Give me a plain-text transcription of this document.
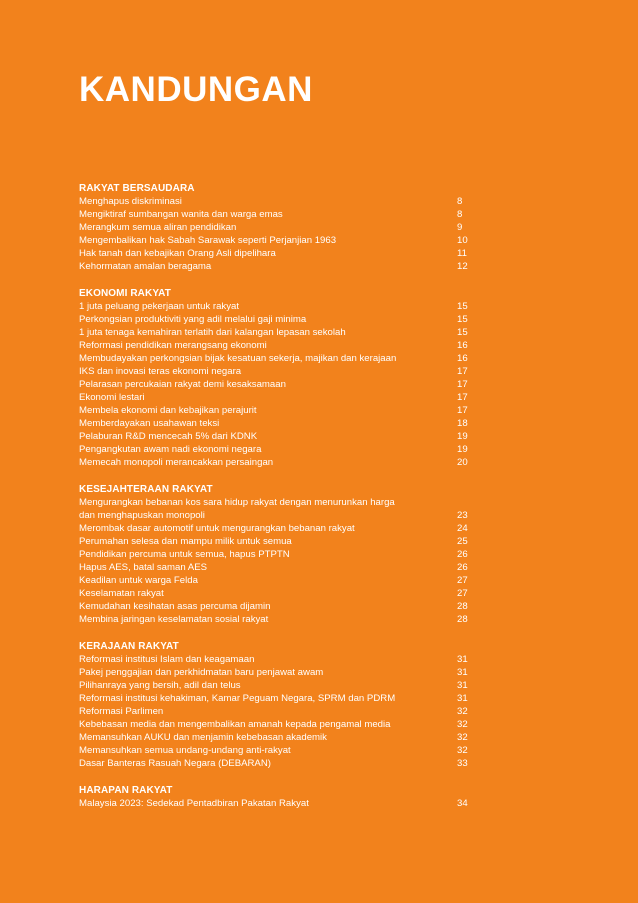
KANDUNGAN
RAKYAT BERSAUDARA
Menghapus diskriminasi	8
Mengiktiraf sumbangan wanita dan warga emas	8
Merangkum semua aliran pendidikan	9
Mengembalikan hak Sabah Sarawak seperti Perjanjian 1963	10
Hak tanah dan kebajikan Orang Asli dipelihara	11
Kehormatan amalan beragama	12
EKONOMI RAKYAT
1 juta peluang pekerjaan untuk rakyat	15
Perkongsian produktiviti yang adil melalui gaji minima	15
1 juta tenaga kemahiran terlatih dari kalangan lepasan sekolah	15
Reformasi pendidikan merangsang ekonomi	16
Membudayakan perkongsian bijak kesatuan sekerja, majikan dan kerajaan	16
IKS dan inovasi teras ekonomi negara	17
Pelarasan percukaian rakyat demi kesaksamaan	17
Ekonomi lestari	17
Membela ekonomi dan kebajikan perajurit	17
Memberdayakan usahawan teksi	18
Pelaburan R&D mencecah 5% dari KDNK	19
Pengangkutan awam nadi ekonomi negara	19
Memecah monopoli merancakkan persaingan	20
KESEJAHTERAAN RAKYAT
Mengurangkan bebanan kos sara hidup rakyat dengan menurunkan harga
dan menghapuskan monopoli	23
Merombak dasar automotif untuk mengurangkan bebanan rakyat	24
Perumahan selesa dan mampu milik untuk semua	25
Pendidikan percuma untuk semua, hapus PTPTN	26
Hapus AES, batal saman AES	26
Keadilan untuk warga Felda	27
Keselamatan rakyat	27
Kemudahan kesihatan asas percuma dijamin	28
Membina jaringan keselamatan sosial rakyat	28
KERAJAAN RAKYAT
Reformasi institusi Islam dan keagamaan	31
Pakej penggajian dan perkhidmatan baru penjawat awam	31
Pilihanraya yang bersih, adil dan telus	31
Reformasi institusi kehakiman, Kamar Peguam Negara, SPRM dan PDRM	31
Reformasi Parlimen	32
Kebebasan media dan mengembalikan amanah kepada pengamal media	32
Memansuhkan AUKU dan menjamin kebebasan akademik	32
Memansuhkan semua undang-undang anti-rakyat	32
Dasar Banteras Rasuah Negara (DEBARAN)	33
HARAPAN RAKYAT
Malaysia 2023: Sedekad Pentadbiran Pakatan Rakyat	34
